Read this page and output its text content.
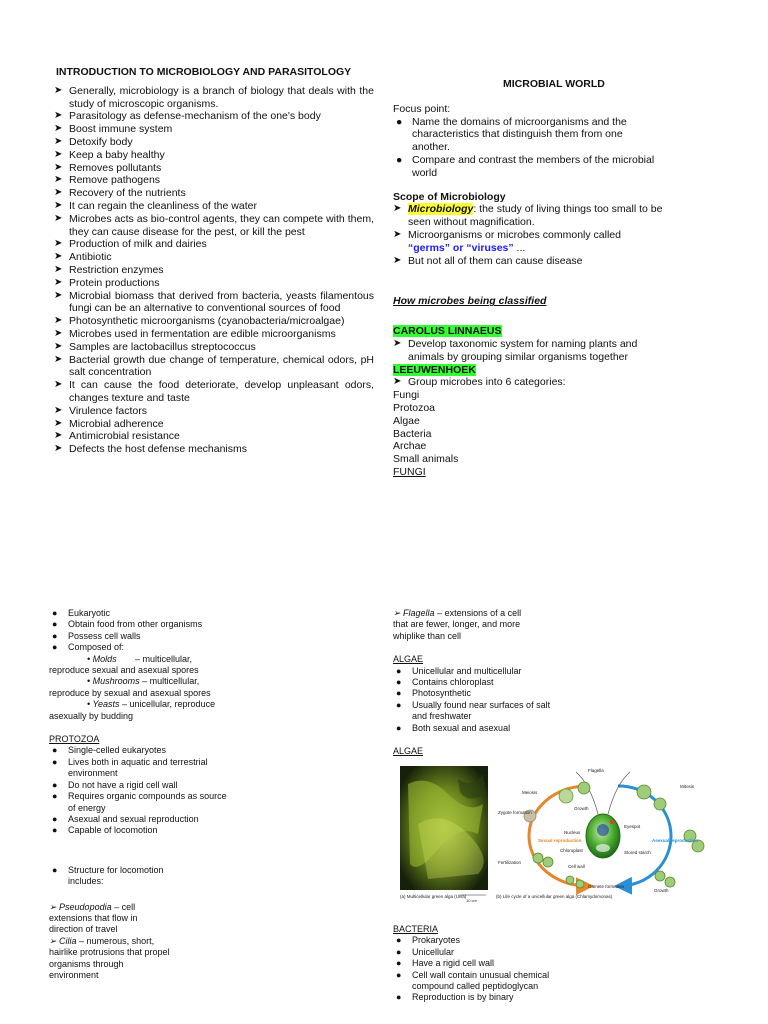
INTRODUCTION TO MICROBIOLOGY AND PARASITOLOGY
➤ Generally, microbiology is a branch of biology that deals with the study of microscopic organisms.
➤ Parasitology as defense-mechanism of the one's body
➤ Boost immune system
➤ Detoxify body
➤ Keep a baby healthy
➤ Removes pollutants
➤ Remove pathogens
➤ Recovery of the nutrients
➤ It can regain the cleanliness of the water
➤ Microbes acts as bio-control agents, they can compete with them, they can cause disease for the pest, or kill the pest
➤ Production of milk and dairies
➤ Antibiotic
➤ Restriction enzymes
➤ Protein productions
➤ Microbial biomass that derived from bacteria, yeasts filamentous fungi can be an alternative to conventional sources of food
➤ Photosynthetic microorganisms (cyanobacteria/microalgae)
➤ Microbes used in fermentation are edible microorganisms
➤ Samples are lactobacillus streptococcus
➤ Bacterial growth due change of temperature, chemical odors, pH salt concentration
➤ It can cause the food deteriorate, develop unpleasant odors, changes texture and taste
➤ Virulence factors
➤ Microbial adherence
➤ Antimicrobial resistance
➤ Defects the host defense mechanisms
MICROBIAL WORLD
Focus point:
● Name the domains of microorganisms and the characteristics that distinguish them from one another.
● Compare and contrast the members of the microbial world
Scope of Microbiology
➤ Microbiology: the study of living things too small to be seen without magnification.
➤ Microorganisms or microbes commonly called
“germs” or “viruses” ...
➤ But not all of them can cause disease
How microbes being classified
CAROLUS LINNAEUS
➤ Develop taxonomic system for naming plants and animals by grouping similar organisms together
LEEUWENHOEK
➤ Group microbes into 6 categories:
Fungi
Protozoa
Algae
Bacteria
Archae
Small animals
FUNGI
● Eukaryotic
● Obtain food from other organisms
● Possess cell walls
● Composed of:
• Molds	– multicellular, reproduce sexual and asexual spores
• Mushrooms – multicellular, reproduce by sexual and asexual spores
• Yeasts – unicellular, reproduce asexually by budding
PROTOZOA
● Single-celled eukaryotes
● Lives both in aquatic and terrestrial environment
● Do not have a rigid cell wall
● Requires organic compounds as source of energy
● Asexual and sexual reproduction
● Capable of locomotion
● Structure for locomotion includes:
➢ Pseudopodia – cell extensions that flow in direction of travel
➢ Cilia – numerous, short, hairlike protrusions that propel organisms through environment
➢ Flagella – extensions of a cell that are fewer, longer, and more whiplike than cell
ALGAE
● Unicellular and multicellular
● Contains chloroplast
● Photosynthetic
● Usually found near surfaces of salt and freshwater
● Both sexual and asexual
ALGAE
(a) Multicellular green alga (Ulva)
10 cm
Flagella
Meiosis
Growth
Mitosis
Zygote formation
Nucleus
Eyespot
Sexual reproduction	Asexual reproduction
Chloroplast	Stored starch
Fertilization
Cell wall
Gamete formation
Growth
(b) Life cycle of a unicellular green alga (Chlamydomonas)
BACTERIA
● Prokaryotes
● Unicellular
● Have a rigid cell wall
● Cell wall contain unusual chemical compound called peptidoglycan
● Reproduction is by binary
